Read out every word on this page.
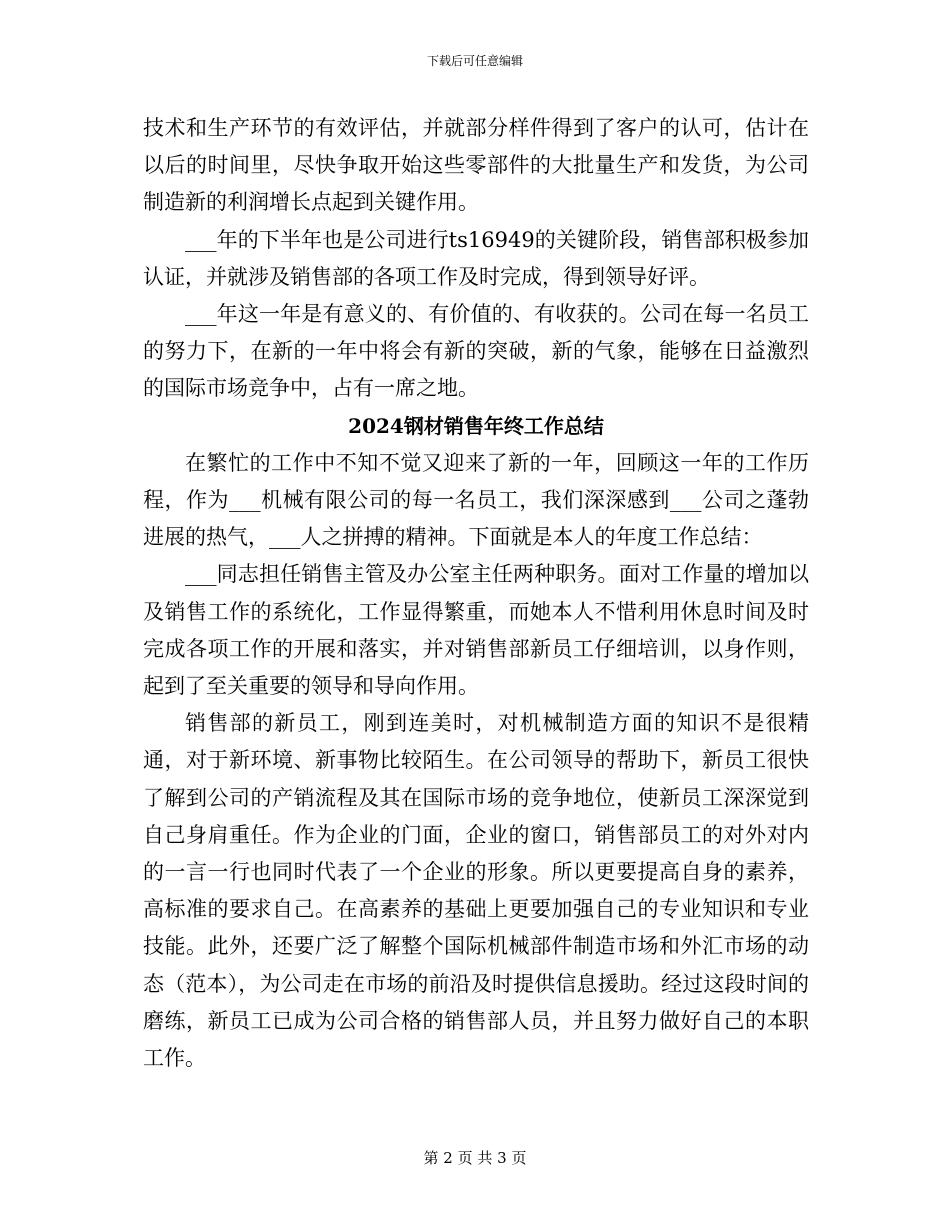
下载后可任意编辑

技术和生产环节的有效评估，并就部分样件得到了客户的认可，估计在以后的时间里，尽快争取开始这些零部件的大批量生产和发货，为公司制造新的利润增长点起到关键作用。

___年的下半年也是公司进行ts16949的关键阶段，销售部积极参加认证，并就涉及销售部的各项工作及时完成，得到领导好评。

___年这一年是有意义的、有价值的、有收获的。公司在每一名员工的努力下，在新的一年中将会有新的突破，新的气象，能够在日益激烈的国际市场竞争中，占有一席之地。

2024钢材销售年终工作总结

在繁忙的工作中不知不觉又迎来了新的一年，回顾这一年的工作历程，作为___机械有限公司的每一名员工，我们深深感到___公司之蓬勃进展的热气，___人之拼搏的精神。下面就是本人的年度工作总结：

___同志担任销售主管及办公室主任两种职务。面对工作量的增加以及销售工作的系统化，工作显得繁重，而她本人不惜利用休息时间及时完成各项工作的开展和落实，并对销售部新员工仔细培训，以身作则，起到了至关重要的领导和导向作用。

销售部的新员工，刚到连美时，对机械制造方面的知识不是很精通，对于新环境、新事物比较陌生。在公司领导的帮助下，新员工很快了解到公司的产销流程及其在国际市场的竞争地位，使新员工深深觉到自己身肩重任。作为企业的门面，企业的窗口，销售部员工的对外对内的一言一行也同时代表了一个企业的形象。所以更要提高自身的素养，高标准的要求自己。在高素养的基础上更要加强自己的专业知识和专业技能。此外，还要广泛了解整个国际机械部件制造市场和外汇市场的动态（范本），为公司走在市场的前沿及时提供信息援助。经过这段时间的磨练，新员工已成为公司合格的销售部人员，并且努力做好自己的本职工作。

第 2 页 共 3 页
